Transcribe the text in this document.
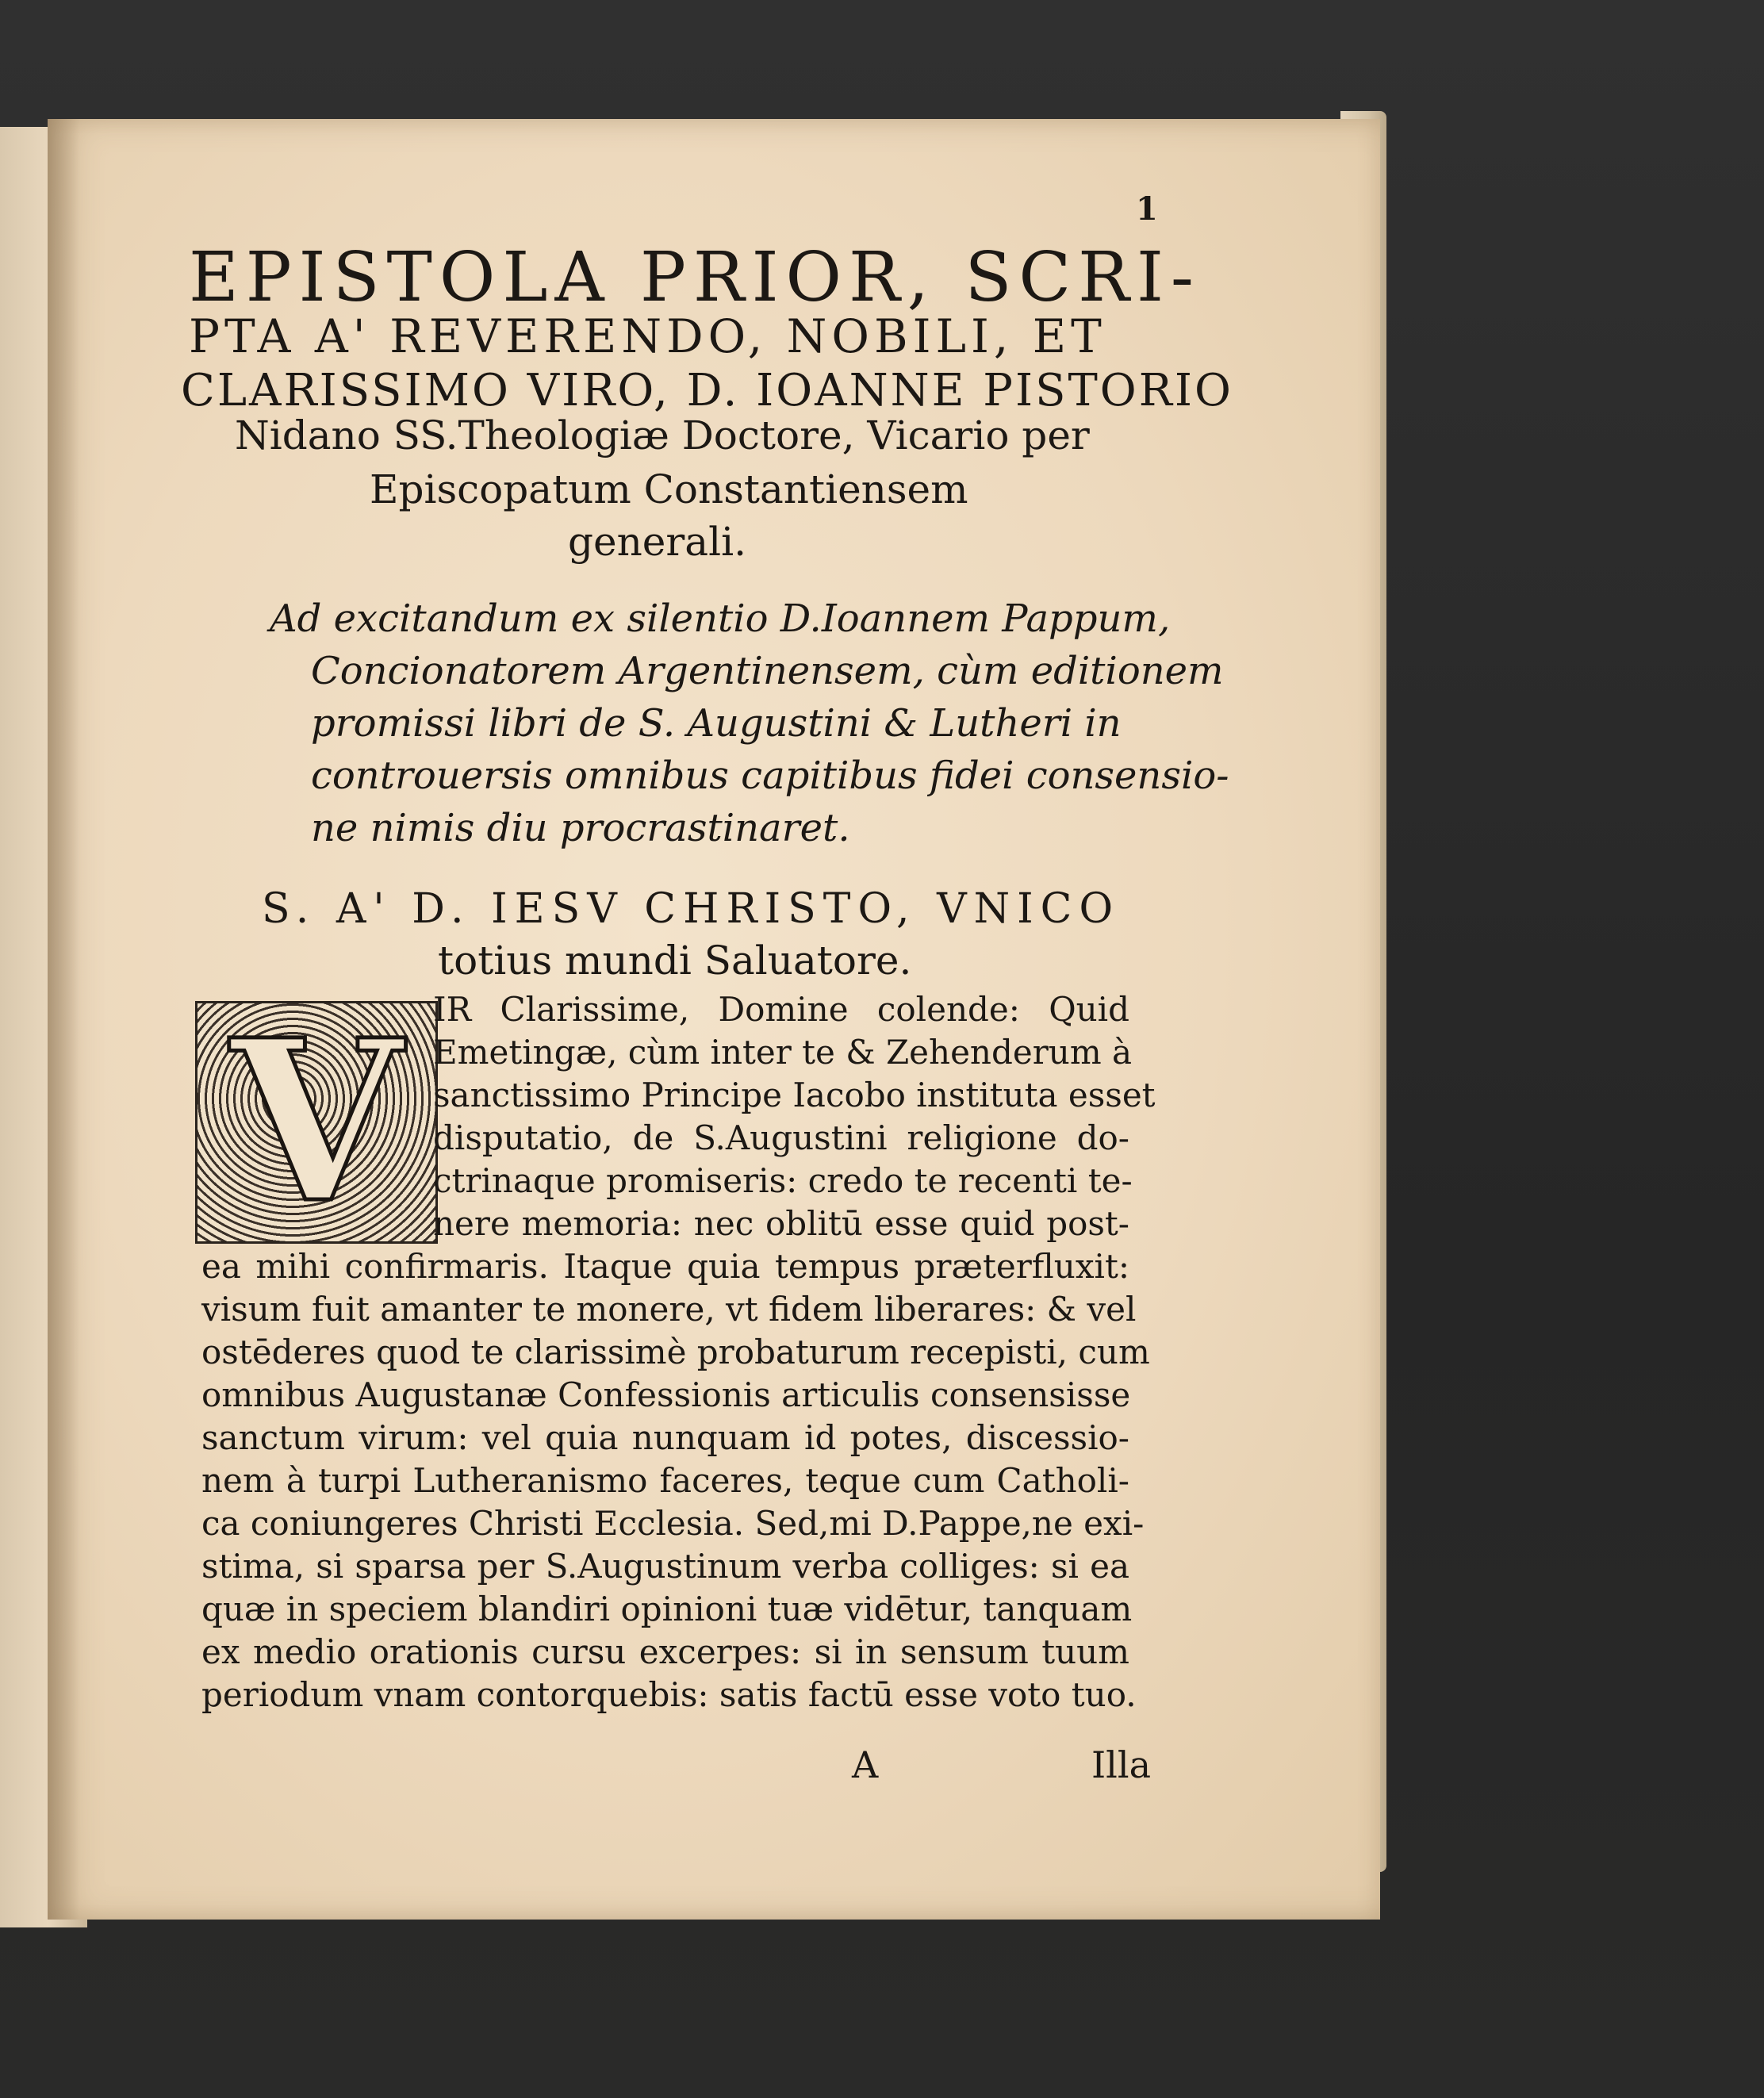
1
EPISTOLA PRIOR, SCRI-
PTA A' REVERENDO, NOBILI, ET
CLARISSIMO VIRO, D. IOANNE PISTORIO
Nidano SS.Theologiæ Doctore, Vicario per
Episcopatum Constantiensem
generali.
Ad excitandum ex silentio D.Ioannem Pappum,
Concionatorem Argentinensem, cùm editionem
promissi libri de S. Augustini & Lutheri in
controuersis omnibus capitibus fidei consensio-
ne nimis diu procrastinaret.
S. A' D. IESV CHRISTO, VNICO
totius mundi Saluatore.
V IR Clarissime, Domine colende: Quid
Emetingæ, cùm inter te & Zehenderum à
sanctissimo Principe Iacobo instituta esset
disputatio, de S.Augustini religione do-
ctrinaque promiseris: credo te recenti te-
nere memoria: nec oblitū esse quid post-
ea mihi confirmaris. Itaque quia tempus præterfluxit:
visum fuit amanter te monere, vt fidem liberares: & vel
ostēderes quod te clarissimè probaturum recepisti, cum
omnibus Augustanæ Confessionis articulis consensisse
sanctum virum: vel quia nunquam id potes, discessio-
nem à turpi Lutheranismo faceres, teque cum Catholi-
ca coniungeres Christi Ecclesia. Sed,mi D.Pappe,ne exi-
stima, si sparsa per S.Augustinum verba colliges: si ea
quæ in speciem blandiri opinioni tuæ vidētur, tanquam
ex medio orationis cursu excerpes: si in sensum tuum
periodum vnam contorquebis: satis factū esse voto tuo.
A	Illa
